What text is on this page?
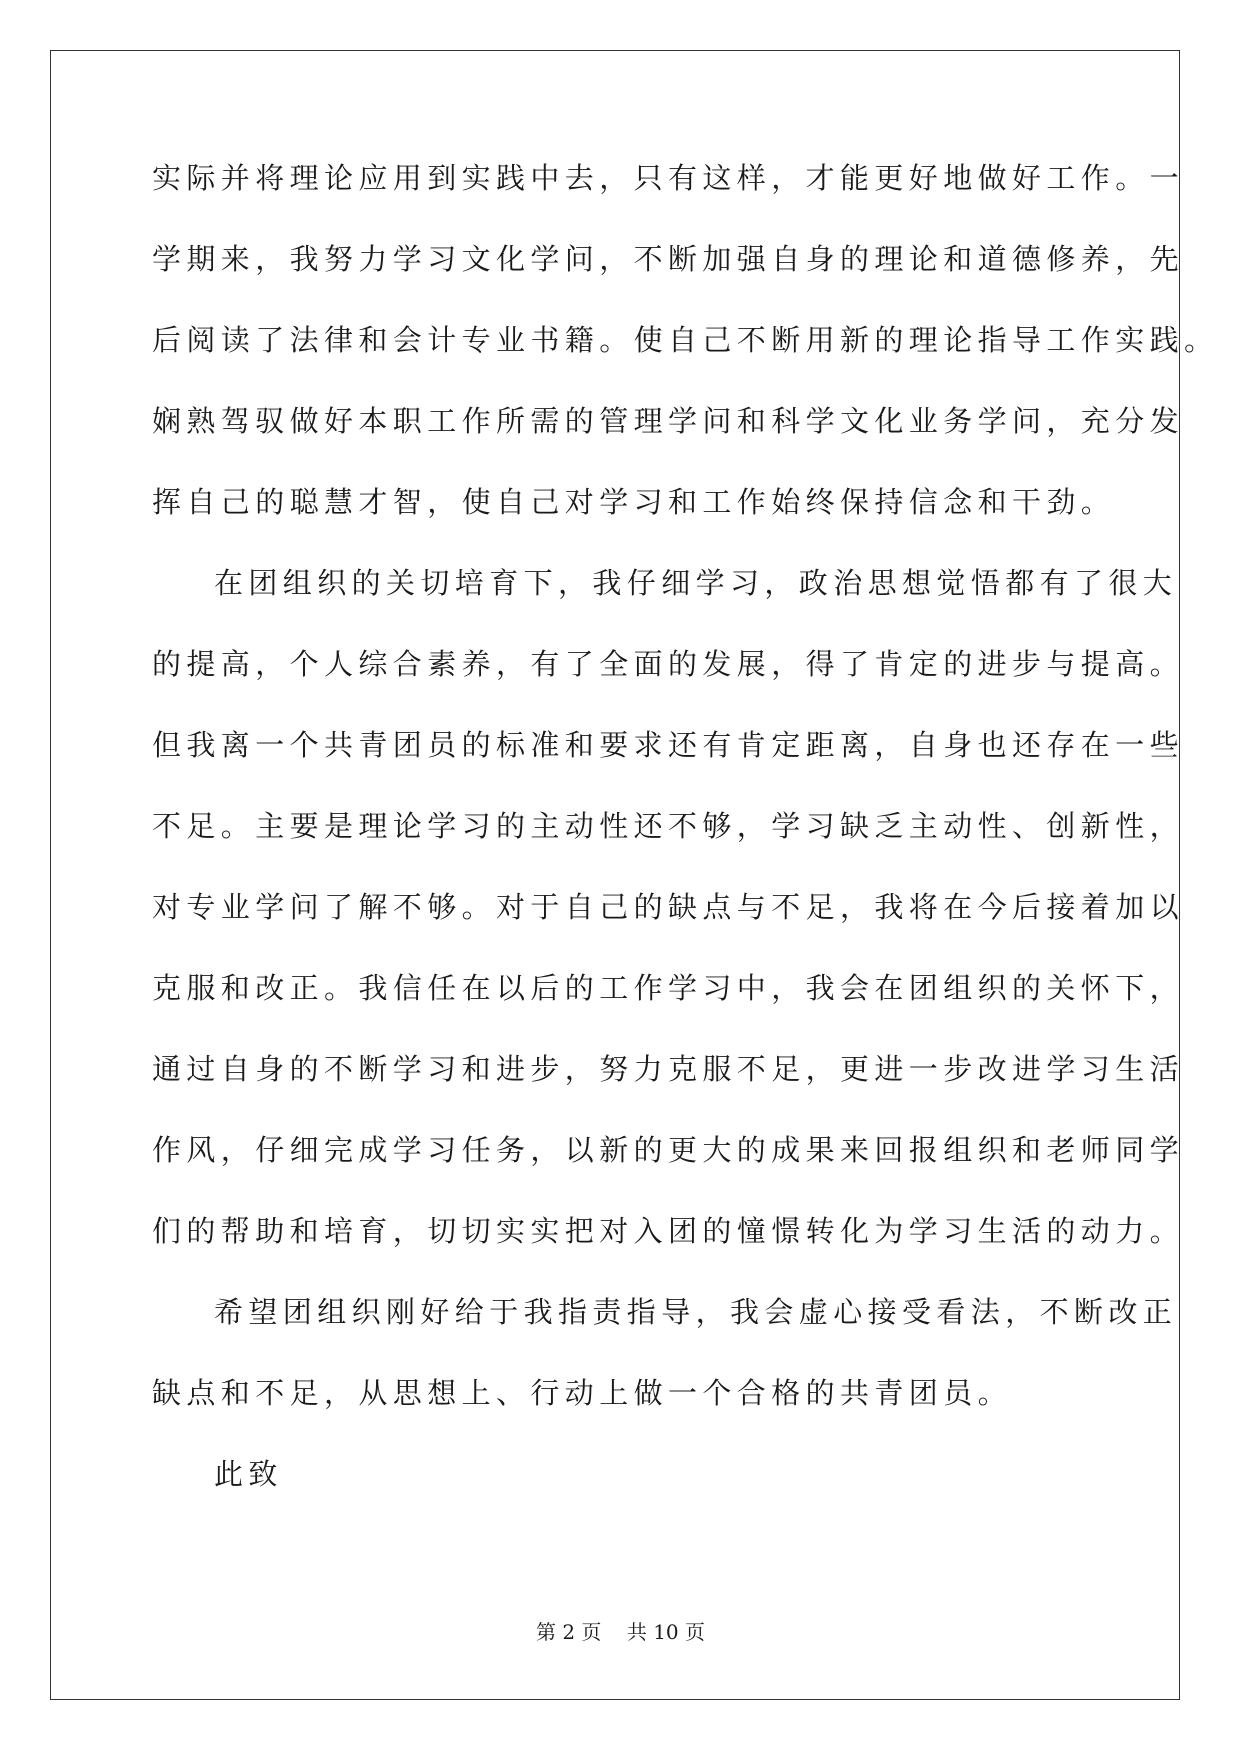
实际并将理论应用到实践中去，只有这样，才能更好地做好工作。一
学期来，我努力学习文化学问，不断加强自身的理论和道德修养，先
后阅读了法律和会计专业书籍。使自己不断用新的理论指导工作实践。
娴熟驾驭做好本职工作所需的管理学问和科学文化业务学问，充分发
挥自己的聪慧才智，使自己对学习和工作始终保持信念和干劲。
在团组织的关切培育下，我仔细学习，政治思想觉悟都有了很大
的提高，个人综合素养，有了全面的发展，得了肯定的进步与提高。
但我离一个共青团员的标准和要求还有肯定距离，自身也还存在一些
不足。主要是理论学习的主动性还不够，学习缺乏主动性、创新性，
对专业学问了解不够。对于自己的缺点与不足，我将在今后接着加以
克服和改正。我信任在以后的工作学习中，我会在团组织的关怀下，
通过自身的不断学习和进步，努力克服不足，更进一步改进学习生活
作风，仔细完成学习任务，以新的更大的成果来回报组织和老师同学
们的帮助和培育，切切实实把对入团的憧憬转化为学习生活的动力。
希望团组织刚好给于我指责指导，我会虚心接受看法，不断改正
缺点和不足，从思想上、行动上做一个合格的共青团员。
此致
第 2 页    共 10 页
